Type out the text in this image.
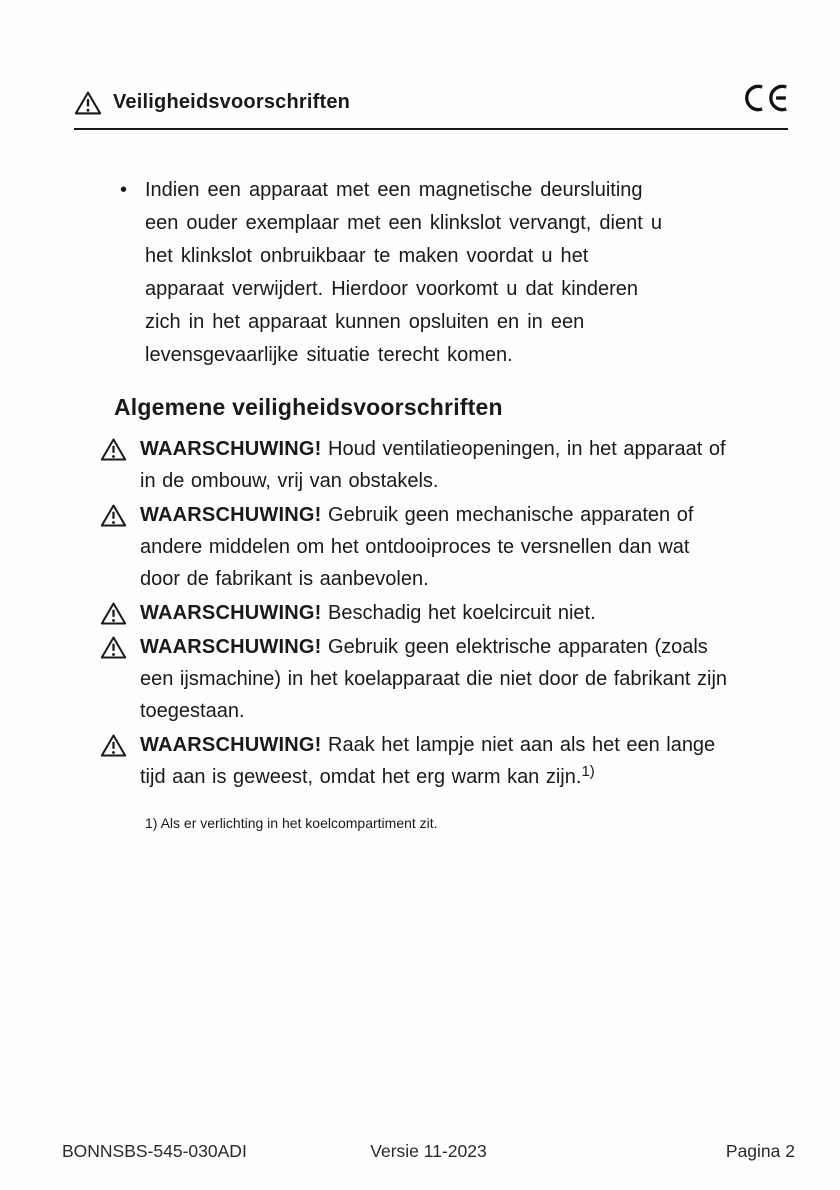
Veiligheidsvoorschriften
• Indien een apparaat met een magnetische deursluiting een ouder exemplaar met een klinkslot vervangt, dient u het klinkslot onbruikbaar te maken voordat u het apparaat verwijdert. Hierdoor voorkomt u dat kinderen zich in het apparaat kunnen opsluiten en in een levensgevaarlijke situatie terecht komen.

Algemene veiligheidsvoorschriften

WAARSCHUWING! Houd ventilatieopeningen, in het apparaat of in de ombouw, vrij van obstakels.

WAARSCHUWING! Gebruik geen mechanische apparaten of andere middelen om het ontdooiproces te versnellen dan wat door de fabrikant is aanbevolen.

WAARSCHUWING! Beschadig het koelcircuit niet.

WAARSCHUWING! Gebruik geen elektrische apparaten (zoals een ijsmachine) in het koelapparaat die niet door de fabrikant zijn toegestaan.

WAARSCHUWING! Raak het lampje niet aan als het een lange tijd aan is geweest, omdat het erg warm kan zijn.$^{1)}$

1) Als er verlichting in het koelcompartiment zit.

BONNSBS-545-030ADI	Versie 11-2023	Pagina 2
